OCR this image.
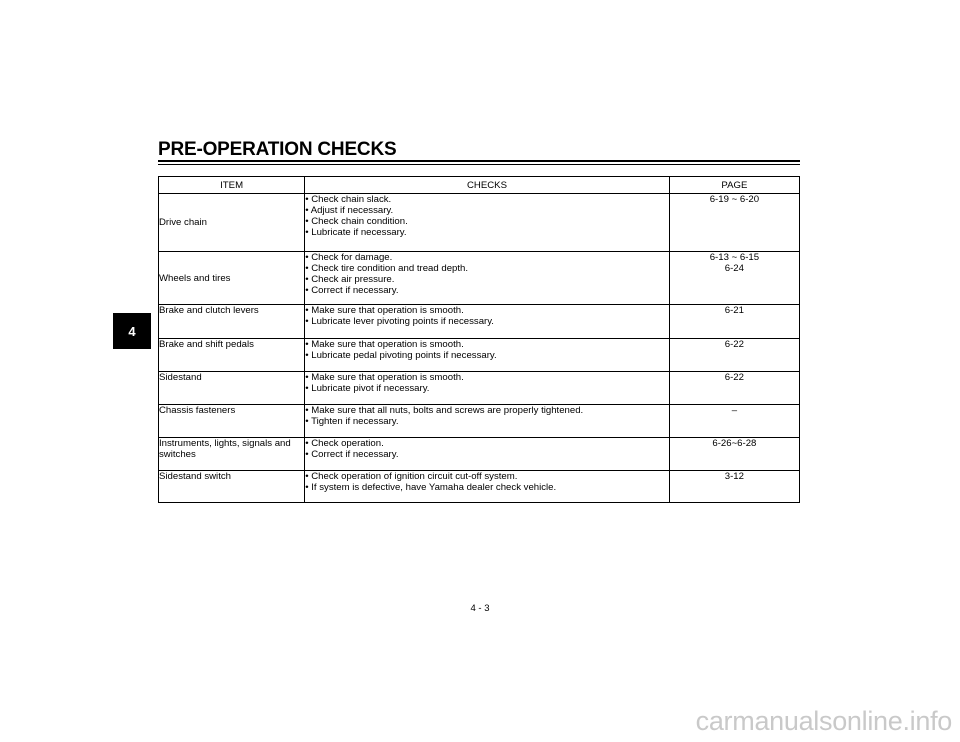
PRE-OPERATION CHECKS
4
ITEM	CHECKS	PAGE
Drive chain	• Check chain slack.
• Adjust if necessary.
• Check chain condition.
• Lubricate if necessary.	6-19 ~ 6-20

Wheels and tires	• Check for damage.
• Check tire condition and tread depth.
• Check air pressure.
• Correct if necessary.	6-13 ~ 6-15
6-24

Brake and clutch levers	• Make sure that operation is smooth.
• Lubricate lever pivoting points if necessary.	6-21

Brake and shift pedals	• Make sure that operation is smooth.
• Lubricate pedal pivoting points if necessary.	6-22

Sidestand	• Make sure that operation is smooth.
• Lubricate pivot if necessary.	6-22

Chassis fasteners	• Make sure that all nuts, bolts and screws are properly tightened.
• Tighten if necessary.	–

Instruments, lights, signals and switches	• Check operation.
• Correct if necessary.	6-26~6-28

Sidestand switch	• Check operation of ignition circuit cut-off system.
• If system is defective, have Yamaha dealer check vehicle.	3-12
4 - 3
carmanualsonline.info
